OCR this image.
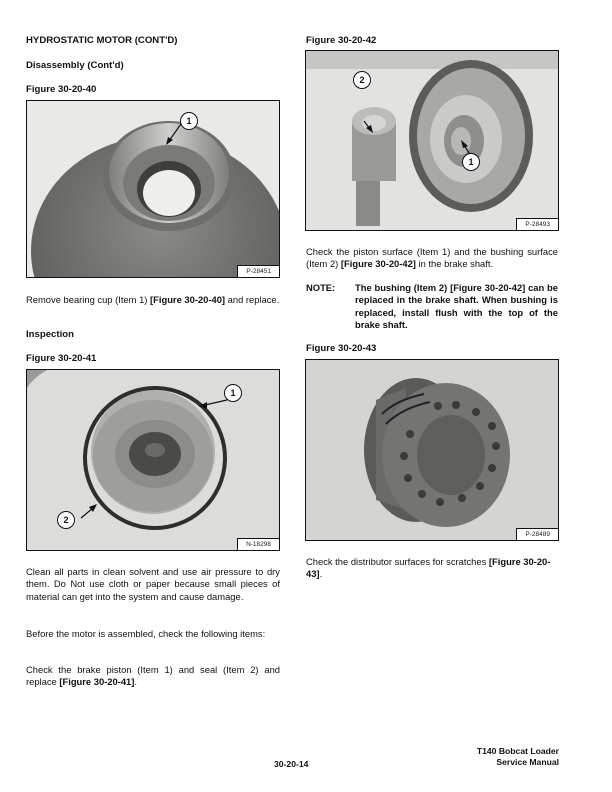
HYDROSTATIC MOTOR (CONT'D)
Disassembly (Cont'd)
Figure 30-20-40
1
P-28451
Remove bearing cup (Item 1) [Figure 30-20-40] and replace.
Inspection
Figure 30-20-41
1
2
N-18298
Clean all parts in clean solvent and use air pressure to dry them. Do Not use cloth or paper because small pieces of material can get into the system and cause damage.
Before the motor is assembled, check the following items:
Check the brake piston (Item 1) and seal (Item 2) and replace [Figure 30-20-41].
Figure 30-20-42
2
1
P-28493
Check the piston surface (Item 1) and the bushing surface (Item 2) [Figure 30-20-42] in the brake shaft.
NOTE: The bushing (Item 2) [Figure 30-20-42] can be replaced in the brake shaft. When bushing is replaced, install flush with the top of the brake shaft.
Figure 30-20-43
P-28489
Check the distributor surfaces for scratches [Figure 30-20-43].
30-20-14
T140 Bobcat Loader
Service Manual
